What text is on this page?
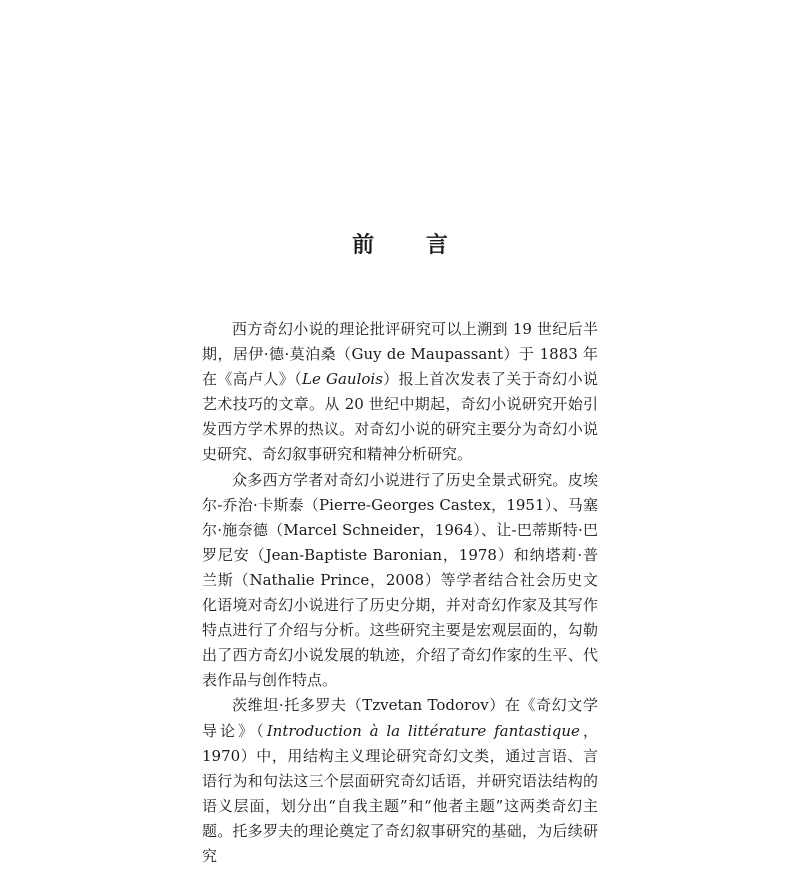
前 言

西方奇幻小说的理论批评研究可以上溯到 19 世纪后半期，居伊·德·莫泊桑（Guy de Maupassant）于 1883 年在《高卢人》（Le Gaulois）报上首次发表了关于奇幻小说艺术技巧的文章。从 20 世纪中期起，奇幻小说研究开始引发西方学术界的热议。对奇幻小说的研究主要分为奇幻小说史研究、奇幻叙事研究和精神分析研究。

众多西方学者对奇幻小说进行了历史全景式研究。皮埃尔-乔治·卡斯泰（Pierre-Georges Castex，1951）、马塞尔·施奈德（Marcel Schneider，1964）、让-巴蒂斯特·巴罗尼安（Jean-Baptiste Baronian，1978）和纳塔莉·普兰斯（Nathalie Prince，2008）等学者结合社会历史文化语境对奇幻小说进行了历史分期，并对奇幻作家及其写作特点进行了介绍与分析。这些研究主要是宏观层面的，勾勒出了西方奇幻小说发展的轨迹，介绍了奇幻作家的生平、代表作品与创作特点。

茨维坦·托多罗夫（Tzvetan Todorov）在《奇幻文学导论》（Introduction à la littérature fantastique，1970）中，用结构主义理论研究奇幻文类，通过言语、言语行为和句法这三个层面研究奇幻话语，并研究语法结构的语义层面，划分出“自我主题”和“他者主题”这两类奇幻主题。托多罗夫的理论奠定了奇幻叙事研究的基础，为后续研究
